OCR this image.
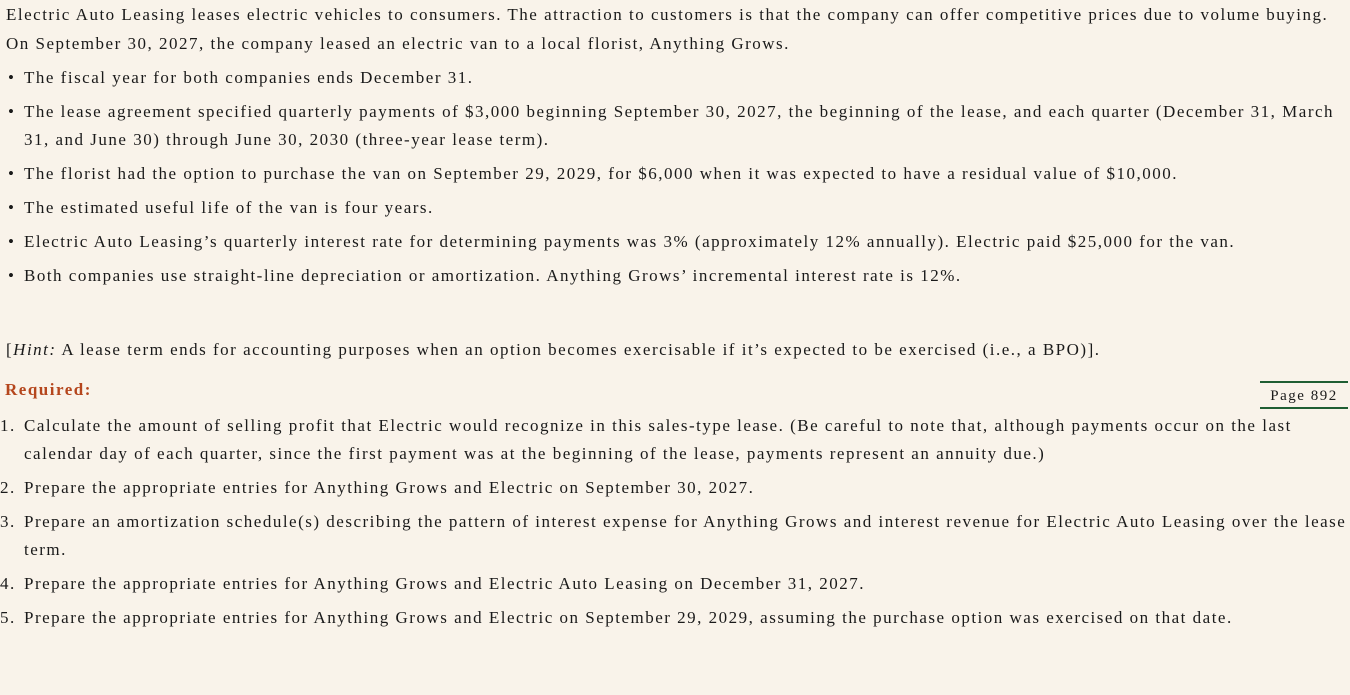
Electric Auto Leasing leases electric vehicles to consumers. The attraction to customers is that the company can offer competitive prices due to volume buying. On September 30, 2027, the company leased an electric van to a local florist, Anything Grows.

• The fiscal year for both companies ends December 31.
• The lease agreement specified quarterly payments of $3,000 beginning September 30, 2027, the beginning of the lease, and each quarter (December 31, March 31, and June 30) through June 30, 2030 (three-year lease term).
• The florist had the option to purchase the van on September 29, 2029, for $6,000 when it was expected to have a residual value of $10,000.
• The estimated useful life of the van is four years.
• Electric Auto Leasing’s quarterly interest rate for determining payments was 3% (approximately 12% annually). Electric paid $25,000 for the van.
• Both companies use straight-line depreciation or amortization. Anything Grows’ incremental interest rate is 12%.

[Hint: A lease term ends for accounting purposes when an option becomes exercisable if it’s expected to be exercised (i.e., a BPO)].

Required:	Page 892
1. Calculate the amount of selling profit that Electric would recognize in this sales-type lease. (Be careful to note that, although payments occur on the last calendar day of each quarter, since the first payment was at the beginning of the lease, payments represent an annuity due.)
2. Prepare the appropriate entries for Anything Grows and Electric on September 30, 2027.
3. Prepare an amortization schedule(s) describing the pattern of interest expense for Anything Grows and interest revenue for Electric Auto Leasing over the lease term.
4. Prepare the appropriate entries for Anything Grows and Electric Auto Leasing on December 31, 2027.
5. Prepare the appropriate entries for Anything Grows and Electric on September 29, 2029, assuming the purchase option was exercised on that date.
